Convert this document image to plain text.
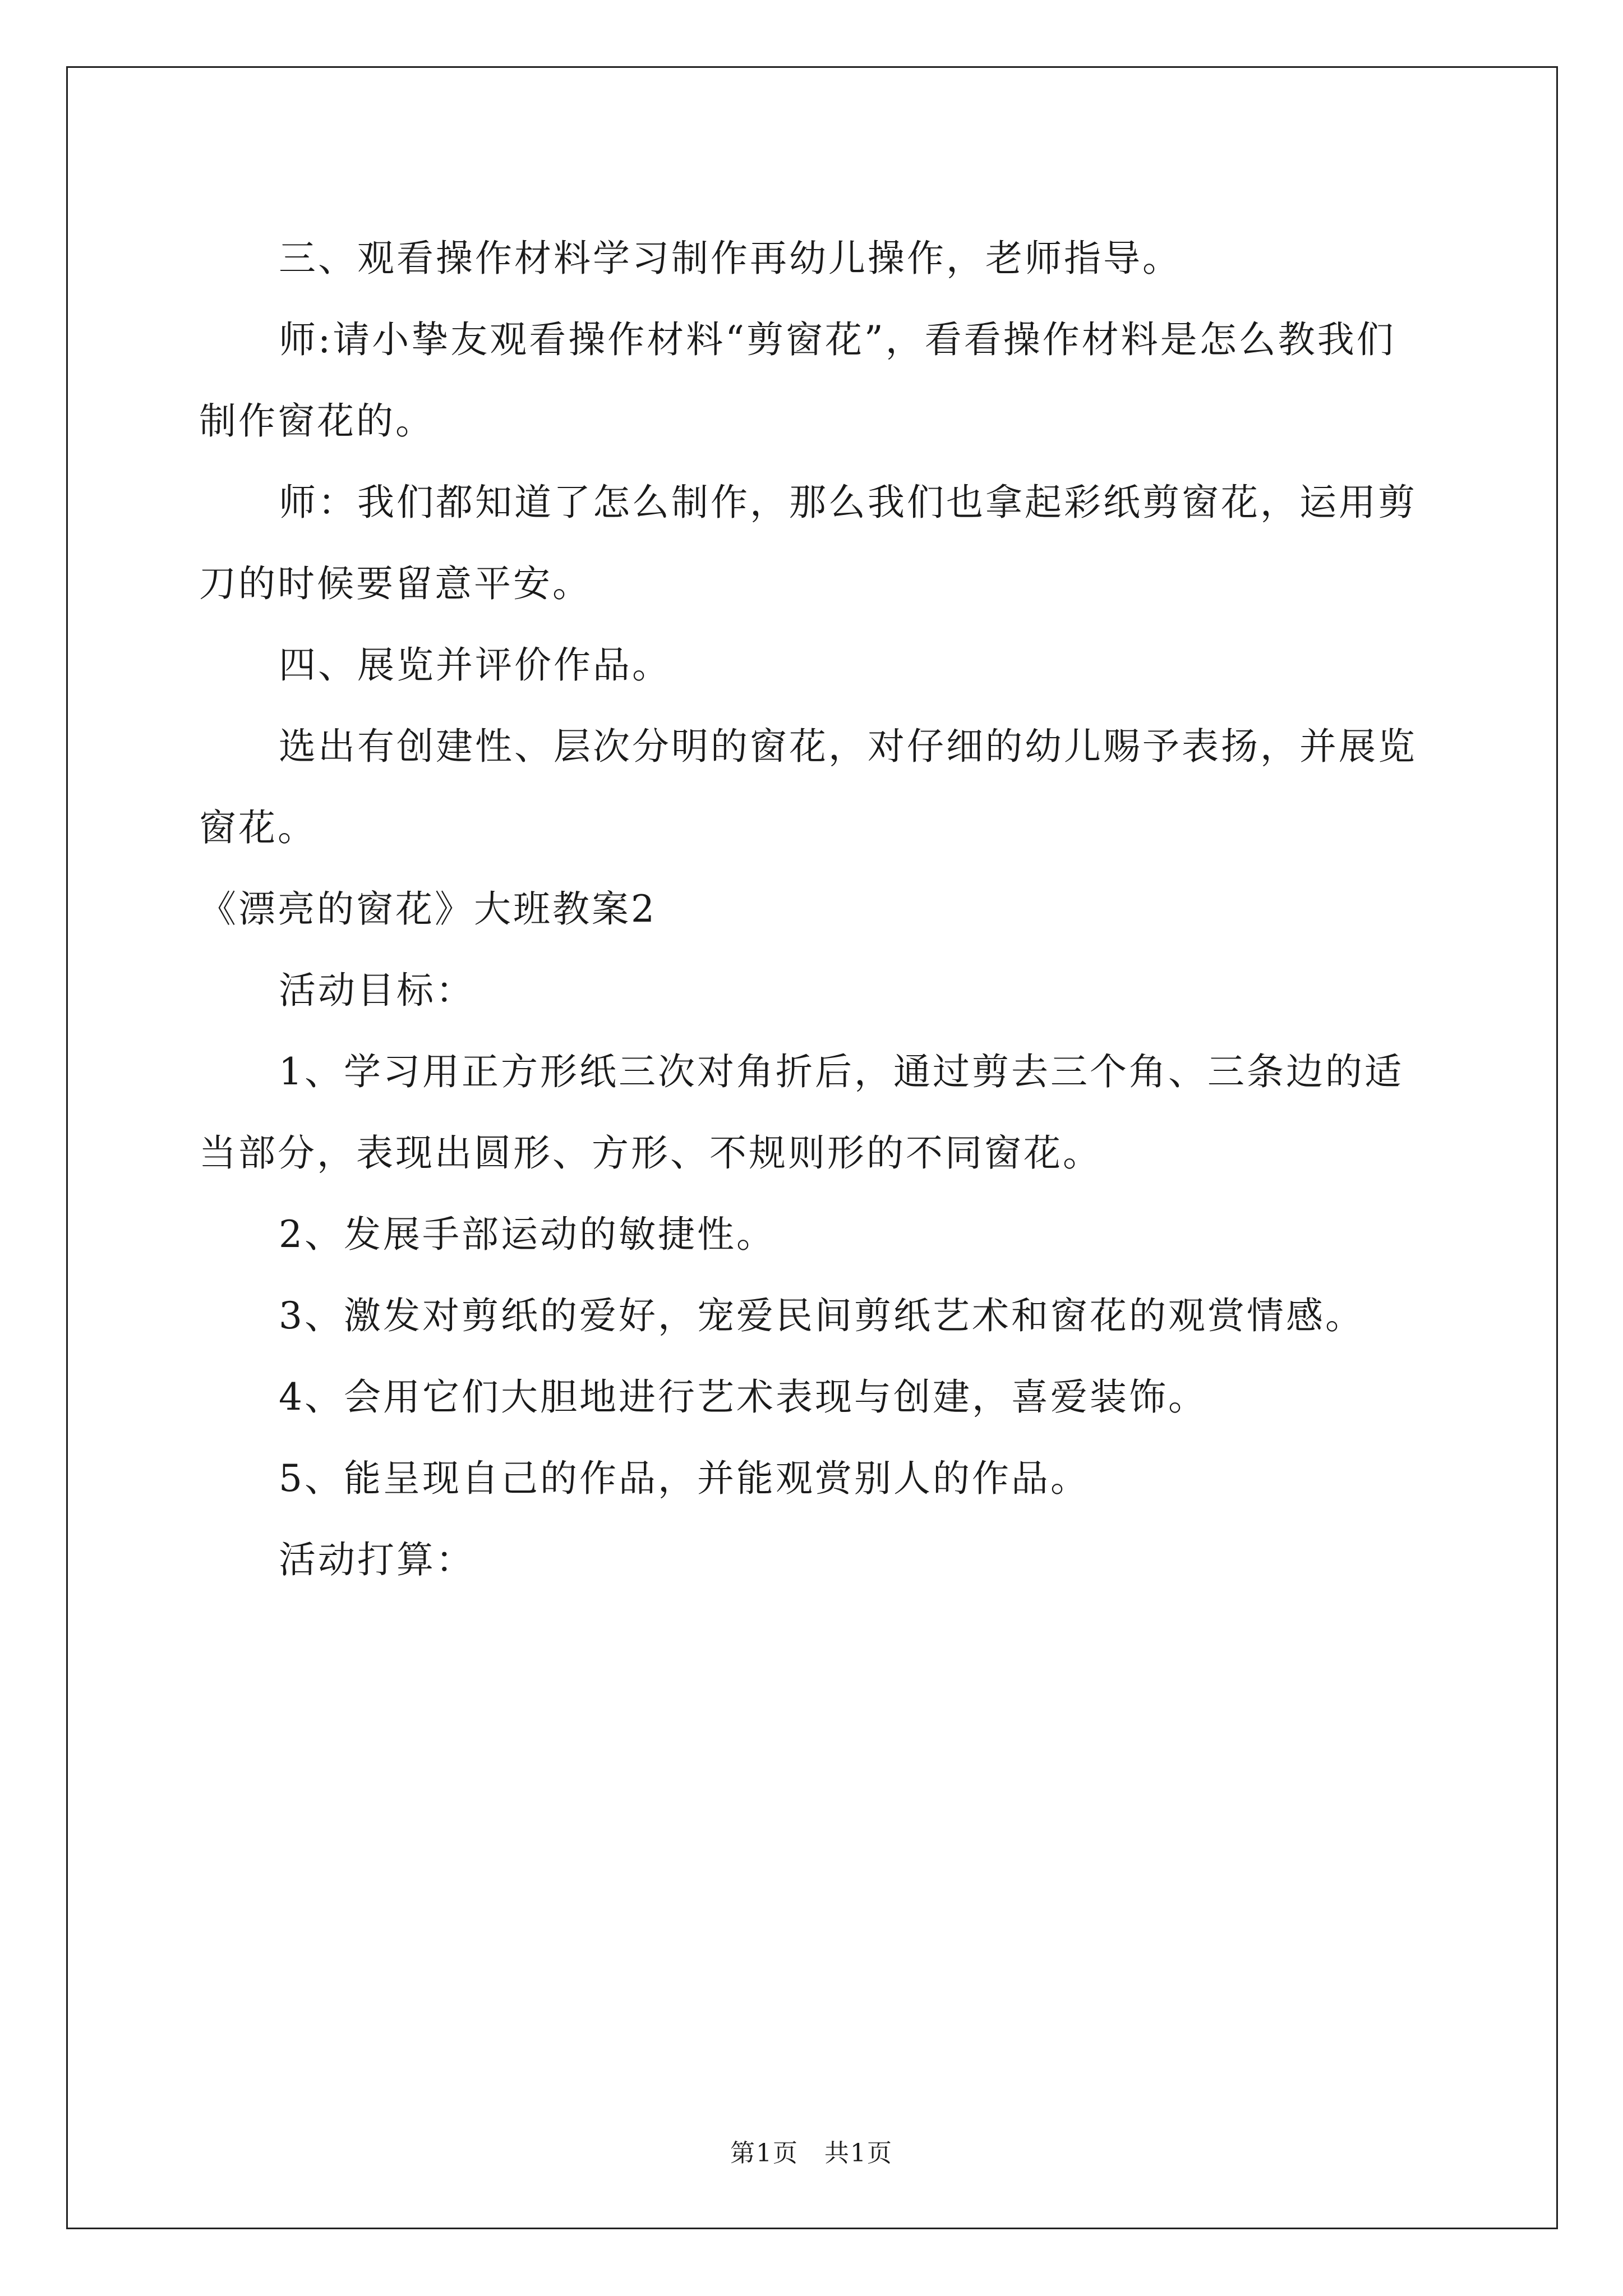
三、观看操作材料学习制作再幼儿操作，老师指导。

师:请小挚友观看操作材料“剪窗花”，看看操作材料是怎么教我们制作窗花的。

师：我们都知道了怎么制作，那么我们也拿起彩纸剪窗花，运用剪刀的时候要留意平安。

四、展览并评价作品。

选出有创建性、层次分明的窗花，对仔细的幼儿赐予表扬，并展览窗花。

《漂亮的窗花》大班教案2

活动目标：

1、学习用正方形纸三次对角折后，通过剪去三个角、三条边的适当部分，表现出圆形、方形、不规则形的不同窗花。

2、发展手部运动的敏捷性。

3、激发对剪纸的爱好，宠爱民间剪纸艺术和窗花的观赏情感。

4、会用它们大胆地进行艺术表现与创建，喜爱装饰。

5、能呈现自己的作品，并能观赏别人的作品。

活动打算：

第1页　共1页
